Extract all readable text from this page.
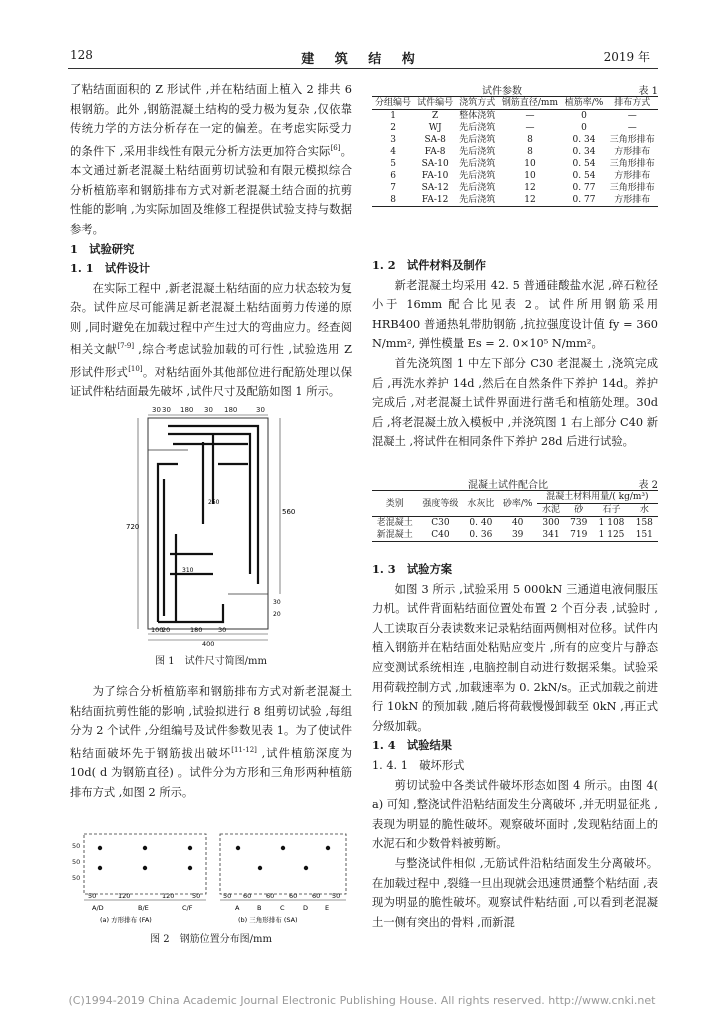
128	建 筑 结 构	2019 年

了粘结面面积的 Z 形试件 ,并在粘结面上植入 2 排共 6 根钢筋。此外 ,钢筋混凝土结构的受力极为复杂 ,仅依靠传统力学的方法分析存在一定的偏差。在考虑实际受力的条件下 ,采用非线性有限元分析方法更加符合实际[6]。本文通过新老混凝土粘结面剪切试验和有限元模拟综合分析植筋率和钢筋排布方式对新老混凝土结合面的抗剪性能的影响 ,为实际加固及维修工程提供试验支持与数据参考。

1　试验研究

1. 1　试件设计

在实际工程中 ,新老混凝土粘结面的应力状态较为复杂。试件应尽可能满足新老混凝土粘结面剪力传递的原则 ,同时避免在加载过程中产生过大的弯曲应力。经查阅相关文献[7-9] ,综合考虑试验加载的可行性 ,试验选用 Z 形试件形式[10]。对粘结面外其他部位进行配筋处理以保证试件粘结面最先破坏 ,试件尺寸及配筋如图 1 所示。

30 30 180 30 180	30
720
560
250
310
30
20
100
20	180 30
400
图 1　试件尺寸简图/mm

为了综合分析植筋率和钢筋排布方式对新老混凝土粘结面抗剪性能的影响 ,试验拟进行 8 组剪切试验 ,每组分为 2 个试件 ,分组编号及试件参数见表 1。为了使试件粘结面破坏先于钢筋拔出破坏[11-12] ,试件植筋深度为 10d( d 为钢筋直径) 。试件分为方形和三角形两种植筋排布方式 ,如图 2 所示。

50
50
50
50	120	120	50
A/D	B/E	C/F
(a) 方形排布 (FA)
50 60 60 60 60 50
A	B	C	D	E
(b) 三角形排布 (SA)
图 2　钢筋位置分布图/mm
试件参数	表 1
分组编号	试件编号	浇筑方式	钢筋直径/mm	植筋率/%	排布方式
1	Z	整体浇筑	—	0	—
2	WJ	先后浇筑	—	0	—
3	SA-8	先后浇筑	8	0. 34	三角形排布
4	FA-8	先后浇筑	8	0. 34	方形排布
5	SA-10	先后浇筑	10	0. 54	三角形排布
6	FA-10	先后浇筑	10	0. 54	方形排布
7	SA-12	先后浇筑	12	0. 77	三角形排布
8	FA-12	先后浇筑	12	0. 77	方形排布

1. 2　试件材料及制作

新老混凝土均采用 42. 5 普通硅酸盐水泥 ,碎石粒径小于 16mm 配合比见表 2。试件所用钢筋采用 HRB400 普通热轧带肋钢筋 ,抗拉强度设计值 fy = 360 N/mm², 弹性模量 Es = 2. 0×10⁵ N/mm²。

首先浇筑图 1 中左下部分 C30 老混凝土 ,浇筑完成后 ,再洗水养护 14d ,然后在自然条件下养护 14d。养护完成后 ,对老混凝土试件界面进行凿毛和植筋处理。30d 后 ,将老混凝土放入模板中 ,并浇筑图 1 右上部分 C40 新混凝土 ,将试件在相同条件下养护 28d 后进行试验。

混凝土试件配合比	表 2
类别	强度等级	水灰比	砂率/%	混凝土材料用量/( kg/m³)			
				水泥	砂	石子	水
老混凝土	C30	0. 40	40	300	739	1 108	158
新混凝土	C40	0. 36	39	341	719	1 125	151

1. 3　试验方案

如图 3 所示 ,试验采用 5 000kN 三通道电液伺服压力机。试件背面粘结面位置处布置 2 个百分表 ,试验时 ,人工读取百分表读数来记录粘结面两侧相对位移。试件内植入钢筋并在粘结面处粘贴应变片 ,所有的应变片与静态应变测试系统相连 ,电脑控制自动进行数据采集。试验采用荷载控制方式 ,加载速率为 0. 2kN/s。正式加载之前进行 10kN 的预加载 ,随后将荷载慢慢卸载至 0kN ,再正式分级加载。

1. 4　试验结果

1. 4. 1　破坏形式

剪切试验中各类试件破坏形态如图 4 所示。由图 4( a) 可知 ,整浇试件沿粘结面发生分离破坏 ,并无明显征兆 ,表现为明显的脆性破坏。观察破坏面时 ,发现粘结面上的水泥石和少数骨料被剪断。

与整浇试件相似 ,无筋试件沿粘结面发生分离破坏。在加载过程中 ,裂缝一旦出现就会迅速贯通整个粘结面 ,表现为明显的脆性破坏。观察试件粘结面 ,可以看到老混凝土一侧有突出的骨料 ,而新混

(C)1994-2019 China Academic Journal Electronic Publishing House. All rights reserved. http://www.cnki.net
